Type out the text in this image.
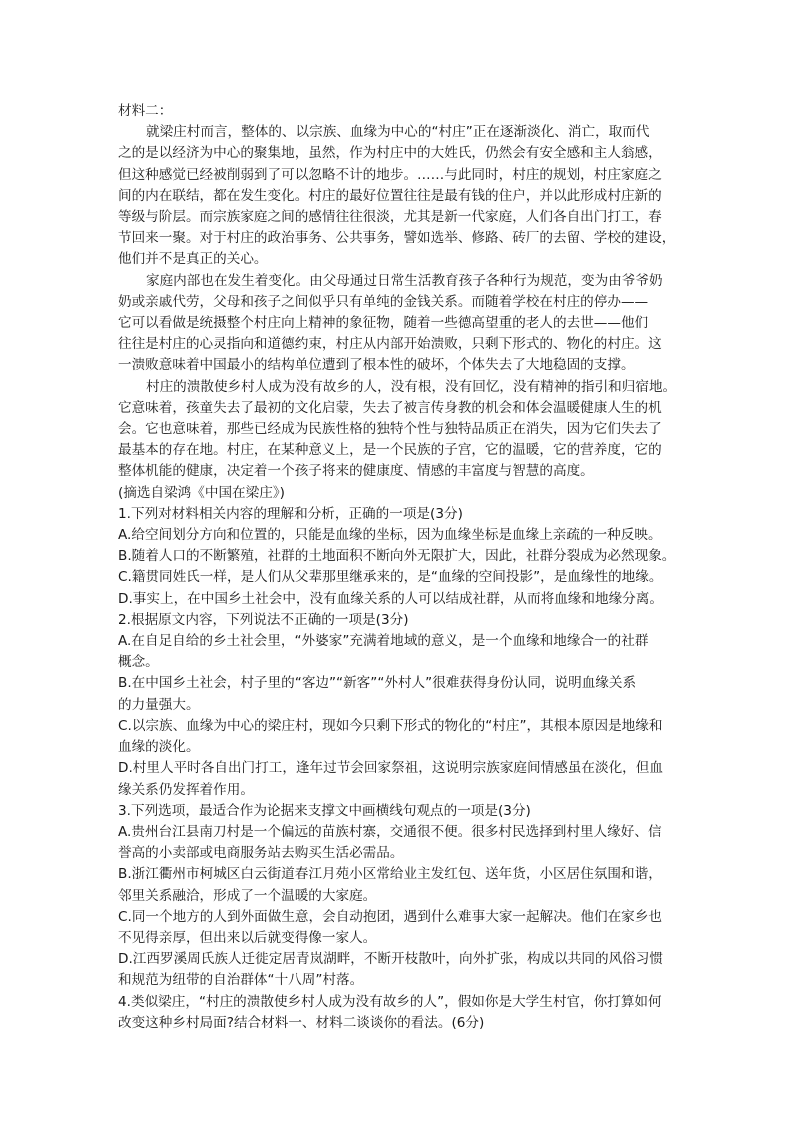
材料二：

就梁庄村而言，整体的、以宗族、血缘为中心的“村庄”正在逐渐淡化、消亡，取而代

之的是以经济为中心的聚集地，虽然，作为村庄中的大姓氏，仍然会有安全感和主人翁感，

但这种感觉已经被削弱到了可以忽略不计的地步。……与此同时，村庄的规划，村庄家庭之

间的内在联结，都在发生变化。村庄的最好位置往往是最有钱的住户，并以此形成村庄新的

等级与阶层。而宗族家庭之间的感情往往很淡，尤其是新一代家庭，人们各自出门打工，春

节回来一聚。对于村庄的政治事务、公共事务，譬如选举、修路、砖厂的去留、学校的建设，

他们并不是真正的关心。

家庭内部也在发生着变化。由父母通过日常生活教育孩子各种行为规范，变为由爷爷奶

奶或亲戚代劳，父母和孩子之间似乎只有单纯的金钱关系。而随着学校在村庄的停办——

它可以看做是统摄整个村庄向上精神的象征物，随着一些德高望重的老人的去世——他们

往往是村庄的心灵指向和道德约束，村庄从内部开始溃败，只剩下形式的、物化的村庄。这

一溃败意味着中国最小的结构单位遭到了根本性的破坏，个体失去了大地稳固的支撑。

村庄的溃散使乡村人成为没有故乡的人，没有根，没有回忆，没有精神的指引和归宿地。

它意味着，孩童失去了最初的文化启蒙，失去了被言传身教的机会和体会温暖健康人生的机

会。它也意味着，那些已经成为民族性格的独特个性与独特品质正在消失，因为它们失去了

最基本的存在地。村庄，在某种意义上，是一个民族的子宫，它的温暖，它的营养度，它的

整体机能的健康，决定着一个孩子将来的健康度、情感的丰富度与智慧的高度。

(摘选自梁鸿《中国在梁庄》)

1.下列对材料相关内容的理解和分析，正确的一项是(3分)

A.给空间划分方向和位置的，只能是血缘的坐标，因为血缘坐标是血缘上亲疏的一种反映。

B.随着人口的不断繁殖，社群的土地面积不断向外无限扩大，因此，社群分裂成为必然现象。

C.籍贯同姓氏一样，是人们从父辈那里继承来的，是“血缘的空间投影”，是血缘性的地缘。

D.事实上，在中国乡土社会中，没有血缘关系的人可以结成社群，从而将血缘和地缘分离。

2.根据原文内容，下列说法不正确的一项是(3分)

A.在自足自给的乡土社会里，“外婆家”充满着地域的意义，是一个血缘和地缘合一的社群

概念。

B.在中国乡土社会，村子里的“客边”“新客”“外村人”很难获得身份认同，说明血缘关系

的力量强大。

C.以宗族、血缘为中心的梁庄村，现如今只剩下形式的物化的“村庄”，其根本原因是地缘和

血缘的淡化。

D.村里人平时各自出门打工，逢年过节会回家祭祖，这说明宗族家庭间情感虽在淡化，但血

缘关系仍发挥着作用。

3.下列选项，最适合作为论据来支撑文中画横线句观点的一项是(3分)

A.贵州台江县南刀村是一个偏远的苗族村寨，交通很不便。很多村民选择到村里人缘好、信

誉高的小卖部或电商服务站去购买生活必需品。

B.浙江衢州市柯城区白云街道春江月苑小区常给业主发红包、送年货，小区居住氛围和谐，

邻里关系融洽，形成了一个温暖的大家庭。

C.同一个地方的人到外面做生意，会自动抱团，遇到什么难事大家一起解决。他们在家乡也

不见得亲厚，但出来以后就变得像一家人。

D.江西罗溪周氏族人迁徙定居青岚湖畔，不断开枝散叶，向外扩张，构成以共同的风俗习惯

和规范为纽带的自治群体“十八周”村落。

4.类似梁庄，“村庄的溃散使乡村人成为没有故乡的人”，假如你是大学生村官，你打算如何

改变这种乡村局面?结合材料一、材料二谈谈你的看法。(6分)
